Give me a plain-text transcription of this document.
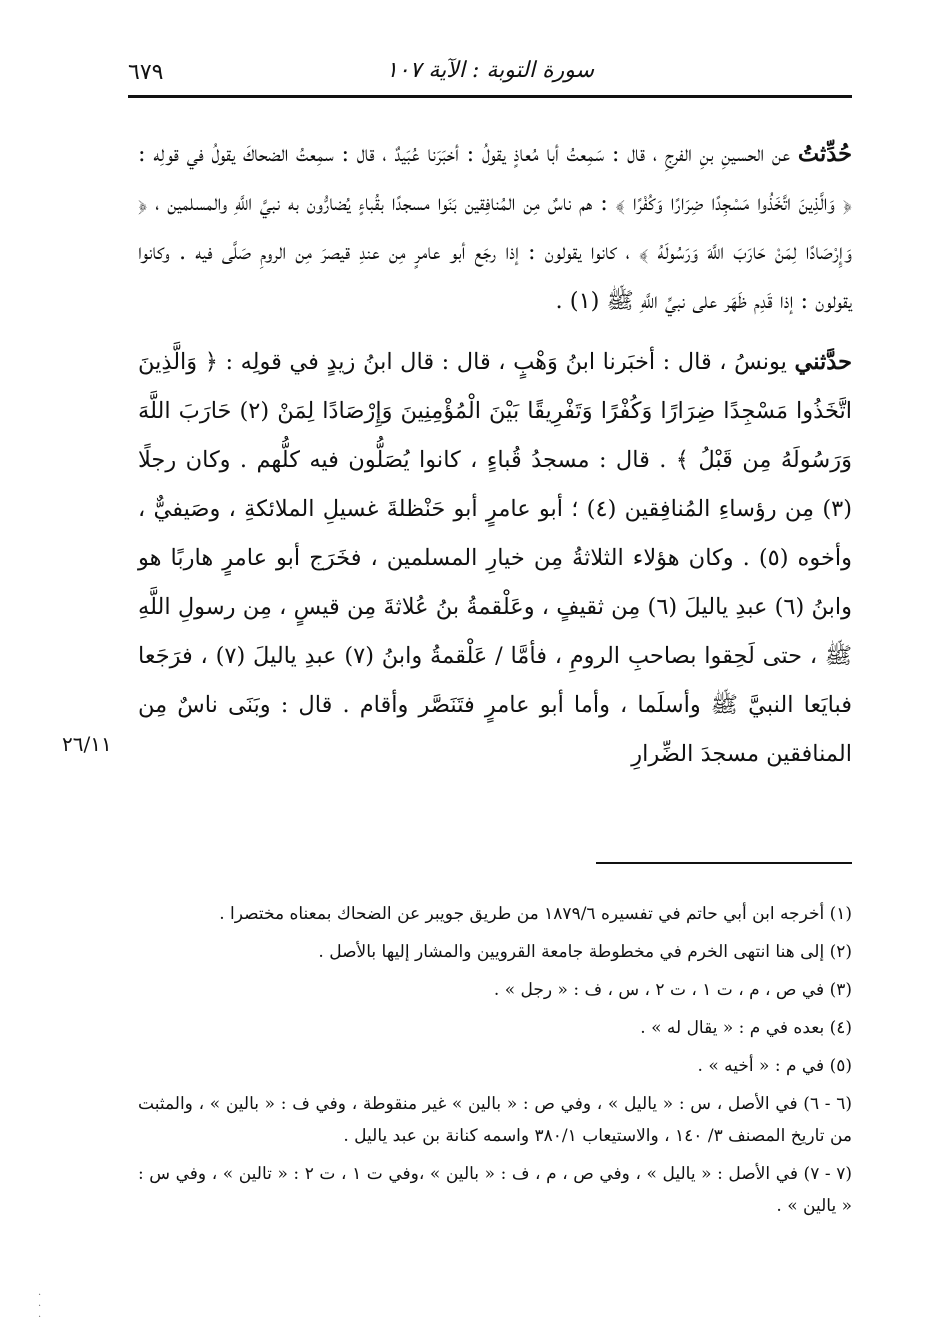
٦٧٩	سورة التوبة : الآية ١٠٧
٢٦/١١

حُدِّثتُ عن الحسينِ بنِ الفرجِ ، قال : سَمِعتُ أبا مُعاذٍ يقولُ : أخبَرَنا عُبَيدٌ ، قال : سمِعتُ الضحاكَ يقولُ في قولِه : ﴿ وَالَّذِينَ اتَّخَذُوا مَسْجِدًا ضِرَارًا وَكُفْرًا ﴾ : هم ناسٌ مِن المُنافِقين بَنَوا مسجدًا بقُباءٍ يُضارُّون به نبيَّ اللَّهِ والمسلمين ، ﴿ وَإِرْصَادًا لِمَنْ حَارَبَ اللَّهَ وَرَسُولَهُ ﴾ ، كانوا يقولون : إذا رجَع أبو عامرٍ مِن عندِ قيصرَ مِن الرومِ صَلَّى فيه . وكانوا يقولون : إذا قَدِم ظَهَر على نبيِّ اللَّهِ ﷺ (١) .

حدَّثني يونسُ ، قال : أخبَرنا ابنُ وَهْبٍ ، قال : قال ابنُ زيدٍ في قولِه : ﴿ وَالَّذِينَ اتَّخَذُوا مَسْجِدًا ضِرَارًا وَكُفْرًا وَتَفْرِيقًا بَيْنَ الْمُؤْمِنِينَ وَإِرْصَادًا لِمَنْ (٢) حَارَبَ اللَّهَ وَرَسُولَهُ مِن قَبْلُ ﴾ . قال : مسجدُ قُباءٍ ، كانوا يُصَلُّون فيه كلُّهم . وكان رجلًا (٣) مِن رؤساءِ المُنافِقين (٤) ؛ أبو عامرٍ أبو حَنْظلةَ غسيلِ الملائكةِ ، وصَيفيٌّ ، وأخوه (٥) . وكان هؤلاء الثلاثةُ مِن خيارِ المسلمين ، فخَرَج أبو عامرٍ هاربًا هو وابنُ (٦) عبدِ ياليلَ (٦) مِن ثقيفٍ ، وعَلْقمةُ بنُ عُلاثةَ مِن قيسٍ ، مِن رسولِ اللَّهِ ﷺ ، حتى لَحِقوا بصاحبِ الرومِ ، فأمَّا / عَلْقمةُ وابنُ (٧) عبدِ ياليلَ (٧) ، فرَجَعا فبايَعا النبيَّ ﷺ وأسلَما ، وأما أبو عامرٍ فتَنَصَّر وأقام . قال : وبَنَى ناسٌ مِن المنافقين مسجدَ الضِّرارِ

(١) أخرجه ابن أبي حاتم في تفسيره ١٨٧٩/٦ من طريق جويبر عن الضحاك بمعناه مختصرا .

(٢) إلى هنا انتهى الخرم في مخطوطة جامعة القرويين والمشار إليها بالأصل .

(٣) في ص ، م ، ت ١ ، ت ٢ ، س ، ف : « رجل » .

(٤) بعده في م : « يقال له » .

(٥) في م : « أخيه » .

(٦ - ٦) في الأصل ، س : « ياليل » ، وفي ص : « بالين » غير منقوطة ، وفي ف : « بالين » ، والمثبت من تاريخ المصنف ٣/ ١٤٠ ، والاستيعاب ٣٨٠/١ واسمه كنانة بن عبد ياليل .

(٧ - ٧) في الأصل : « ياليل » ، وفي ص ، م ، ف : « بالين » ،وفي ت ١ ، ت ٢ : « تالين » ، وفي س : « يالين » .

·
·
·
